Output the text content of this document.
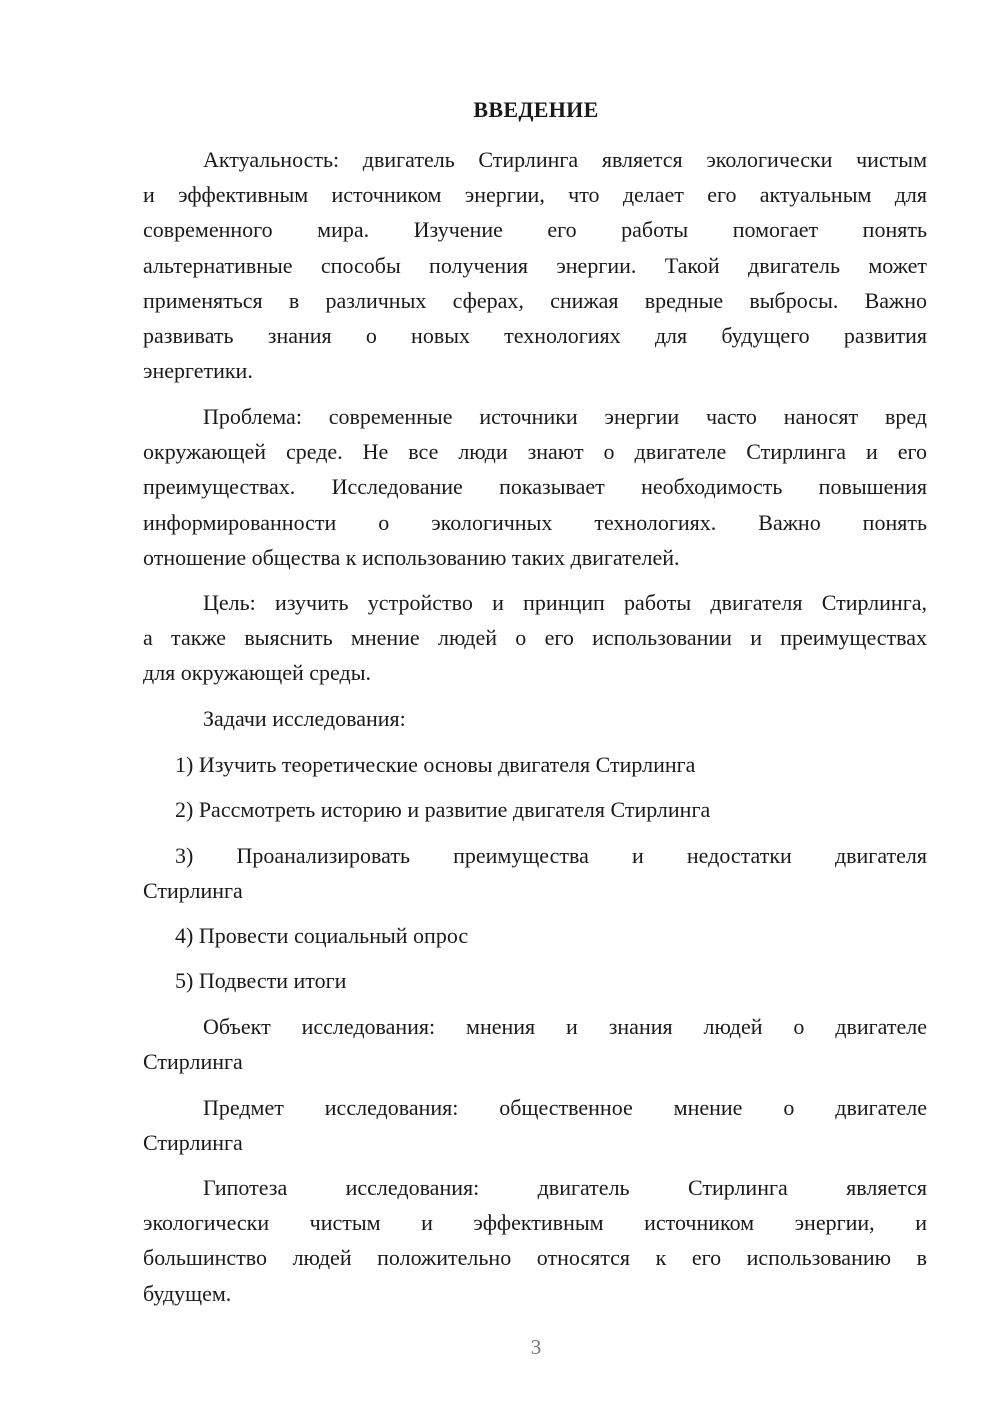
ВВЕДЕНИЕ
Актуальность: двигатель Стирлинга является экологически чистым
и эффективным источником энергии, что делает его актуальным для
современного мира. Изучение его работы помогает понять
альтернативные способы получения энергии. Такой двигатель может
применяться в различных сферах, снижая вредные выбросы. Важно
развивать знания о новых технологиях для будущего развития
энергетики.
Проблема: современные источники энергии часто наносят вред
окружающей среде. Не все люди знают о двигателе Стирлинга и его
преимуществах. Исследование показывает необходимость повышения
информированности о экологичных технологиях. Важно понять
отношение общества к использованию таких двигателей.
Цель: изучить устройство и принцип работы двигателя Стирлинга,
а также выяснить мнение людей о его использовании и преимуществах
для окружающей среды.
Задачи исследования:
1) Изучить теоретические основы двигателя Стирлинга
2) Рассмотреть историю и развитие двигателя Стирлинга
3) Проанализировать преимущества и недостатки двигателя
Стирлинга
4) Провести социальный опрос
5) Подвести итоги
Объект исследования: мнения и знания людей о двигателе
Стирлинга
Предмет исследования: общественное мнение о двигателе
Стирлинга
Гипотеза исследования: двигатель Стирлинга является
экологически чистым и эффективным источником энергии, и
большинство людей положительно относятся к его использованию в
будущем.
3
